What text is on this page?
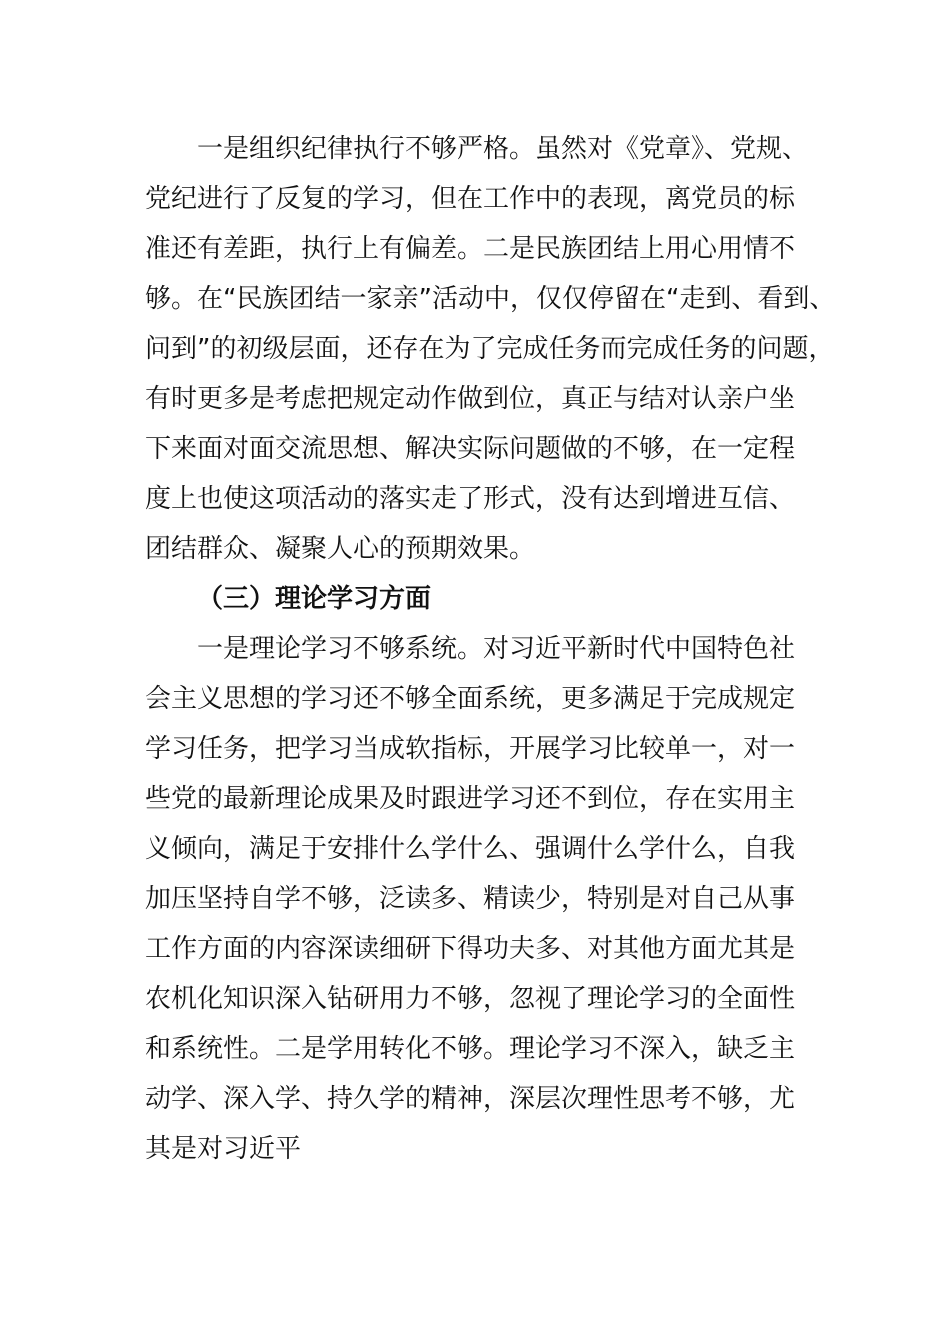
一是组织纪律执行不够严格。虽然对《党章》、党规、
党纪进行了反复的学习，但在工作中的表现，离党员的标
准还有差距，执行上有偏差。二是民族团结上用心用情不
够。在“民族团结一家亲”活动中，仅仅停留在“走到、看到、
问到”的初级层面，还存在为了完成任务而完成任务的问题，
有时更多是考虑把规定动作做到位，真正与结对认亲户坐
下来面对面交流思想、解决实际问题做的不够，在一定程
度上也使这项活动的落实走了形式，没有达到增进互信、
团结群众、凝聚人心的预期效果。
（三）理论学习方面
一是理论学习不够系统。对习近平新时代中国特色社
会主义思想的学习还不够全面系统，更多满足于完成规定
学习任务，把学习当成软指标，开展学习比较单一，对一
些党的最新理论成果及时跟进学习还不到位，存在实用主
义倾向，满足于安排什么学什么、强调什么学什么，自我
加压坚持自学不够，泛读多、精读少，特别是对自己从事
工作方面的内容深读细研下得功夫多、对其他方面尤其是
农机化知识深入钻研用力不够，忽视了理论学习的全面性
和系统性。二是学用转化不够。理论学习不深入，缺乏主
动学、深入学、持久学的精神，深层次理性思考不够，尤
其是对习近平
